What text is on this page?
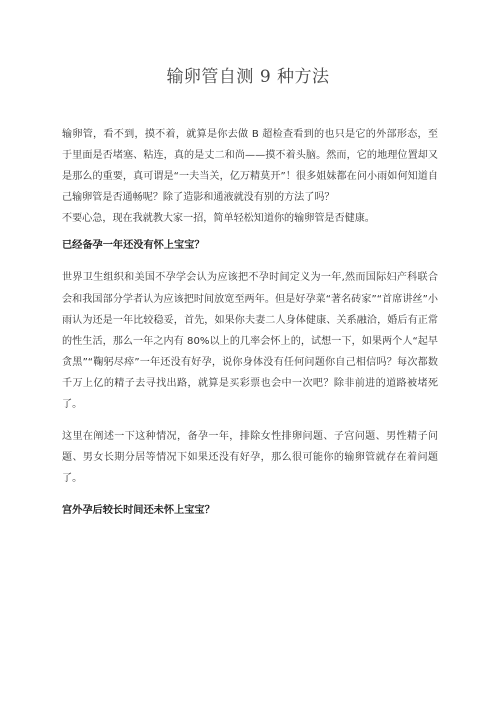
输卵管自测 9 种方法

输卵管，看不到，摸不着，就算是你去做 B 超检查看到的也只是它的外部形态，至于里面是否堵塞、粘连，真的是丈二和尚——摸不着头脑。然而，它的地理位置却又是那么的重要，真可谓是“一夫当关，亿万精莫开”！很多姐妹都在问小雨如何知道自己输卵管是否通畅呢？除了造影和通液就没有别的方法了吗？

不要心急，现在我就教大家一招，简单轻松知道你的输卵管是否健康。

已经备孕一年还没有怀上宝宝？

世界卫生组织和美国不孕学会认为应该把不孕时间定义为一年,然而国际妇产科联合会和我国部分学者认为应该把时间放宽至两年。但是好孕菜“著名砖家”“首席讲丝”小雨认为还是一年比较稳妥，首先，如果你夫妻二人身体健康、关系融洽，婚后有正常的性生活，那么一年之内有 80%以上的几率会怀上的，试想一下，如果两个人“起早贪黑”“鞠躬尽瘁”一年还没有好孕，说你身体没有任何问题你自己相信吗？每次都数千万上亿的精子去寻找出路，就算是买彩票也会中一次吧？除非前进的道路被堵死了。

这里在阐述一下这种情况，备孕一年，排除女性排卵问题、子宫问题、男性精子问题、男女长期分居等情况下如果还没有好孕，那么很可能你的输卵管就存在着问题了。

宫外孕后较长时间还未怀上宝宝？
